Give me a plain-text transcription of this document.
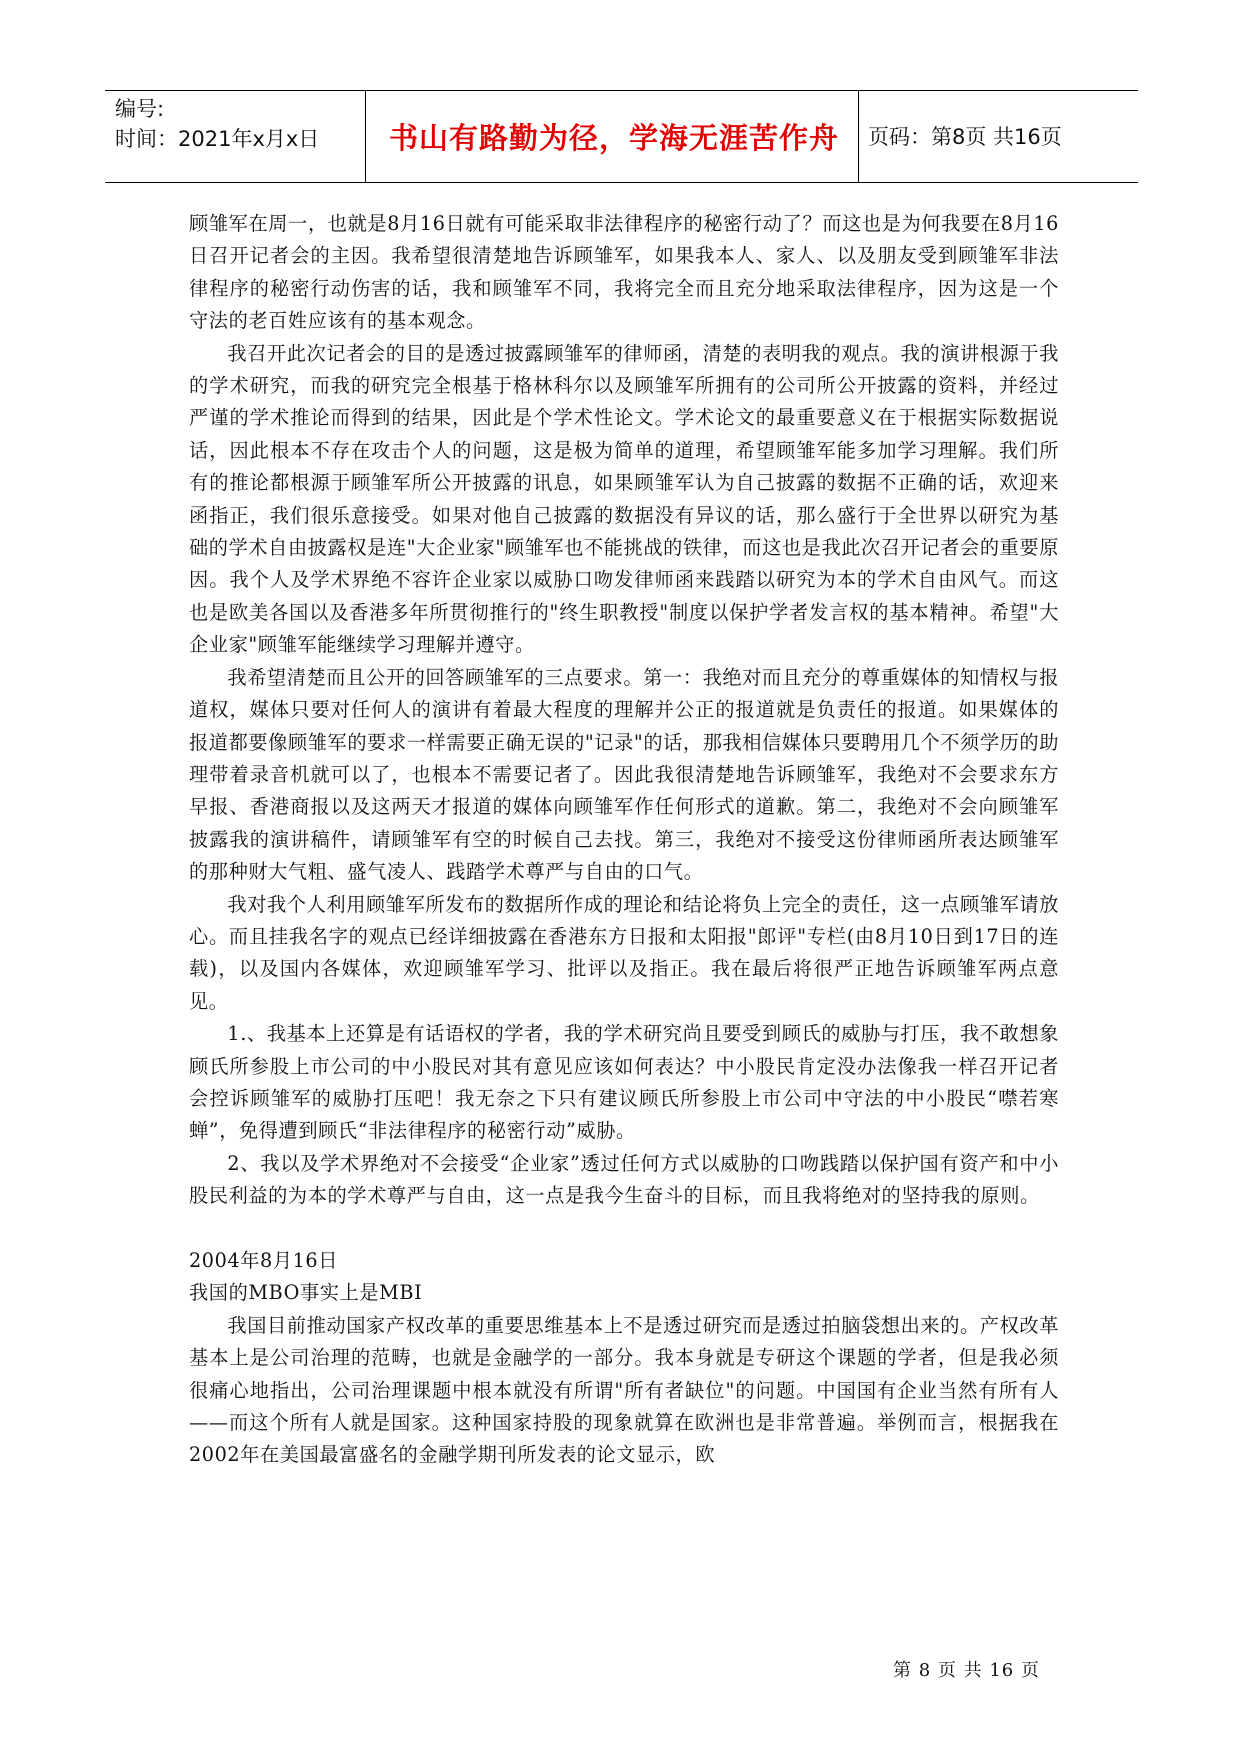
编号:
时间：2021年x月x日	书山有路勤为径，学海无涯苦作舟	页码：第8页 共16页

顾雏军在周一，也就是8月16日就有可能采取非法律程序的秘密行动了？而这也是为何我要在8月16日召开记者会的主因。我希望很清楚地告诉顾雏军，如果我本人、家人、以及朋友受到顾雏军非法律程序的秘密行动伤害的话，我和顾雏军不同，我将完全而且充分地采取法律程序，因为这是一个守法的老百姓应该有的基本观念。

我召开此次记者会的目的是透过披露顾雏军的律师函，清楚的表明我的观点。我的演讲根源于我的学术研究，而我的研究完全根基于格林科尔以及顾雏军所拥有的公司所公开披露的资料，并经过严谨的学术推论而得到的结果，因此是个学术性论文。学术论文的最重要意义在于根据实际数据说话，因此根本不存在攻击个人的问题，这是极为简单的道理，希望顾雏军能多加学习理解。我们所有的推论都根源于顾雏军所公开披露的讯息，如果顾雏军认为自己披露的数据不正确的话，欢迎来函指正，我们很乐意接受。如果对他自己披露的数据没有异议的话，那么盛行于全世界以研究为基础的学术自由披露权是连"大企业家"顾雏军也不能挑战的铁律，而这也是我此次召开记者会的重要原因。我个人及学术界绝不容许企业家以威胁口吻发律师函来践踏以研究为本的学术自由风气。而这也是欧美各国以及香港多年所贯彻推行的"终生职教授"制度以保护学者发言权的基本精神。希望"大企业家"顾雏军能继续学习理解并遵守。

我希望清楚而且公开的回答顾雏军的三点要求。第一：我绝对而且充分的尊重媒体的知情权与报道权，媒体只要对任何人的演讲有着最大程度的理解并公正的报道就是负责任的报道。如果媒体的报道都要像顾雏军的要求一样需要正确无误的"记录"的话，那我相信媒体只要聘用几个不须学历的助理带着录音机就可以了，也根本不需要记者了。因此我很清楚地告诉顾雏军，我绝对不会要求东方早报、香港商报以及这两天才报道的媒体向顾雏军作任何形式的道歉。第二，我绝对不会向顾雏军披露我的演讲稿件，请顾雏军有空的时候自己去找。第三，我绝对不接受这份律师函所表达顾雏军的那种财大气粗、盛气凌人、践踏学术尊严与自由的口气。

我对我个人利用顾雏军所发布的数据所作成的理论和结论将负上完全的责任，这一点顾雏军请放心。而且挂我名字的观点已经详细披露在香港东方日报和太阳报"郎评"专栏(由8月10日到17日的连载)，以及国内各媒体，欢迎顾雏军学习、批评以及指正。我在最后将很严正地告诉顾雏军两点意见。

1.、我基本上还算是有话语权的学者，我的学术研究尚且要受到顾氏的威胁与打压，我不敢想象顾氏所参股上市公司的中小股民对其有意见应该如何表达？中小股民肯定没办法像我一样召开记者会控诉顾雏军的威胁打压吧！我无奈之下只有建议顾氏所参股上市公司中守法的中小股民“噤若寒蝉”，免得遭到顾氏“非法律程序的秘密行动”威胁。

2、我以及学术界绝对不会接受“企业家”透过任何方式以威胁的口吻践踏以保护国有资产和中小股民利益的为本的学术尊严与自由，这一点是我今生奋斗的目标，而且我将绝对的坚持我的原则。

2004年8月16日

我国的MBO事实上是MBI

我国目前推动国家产权改革的重要思维基本上不是透过研究而是透过拍脑袋想出来的。产权改革基本上是公司治理的范畴，也就是金融学的一部分。我本身就是专研这个课题的学者，但是我必须很痛心地指出，公司治理课题中根本就没有所谓"所有者缺位"的问题。中国国有企业当然有所有人——而这个所有人就是国家。这种国家持股的现象就算在欧洲也是非常普遍。举例而言，根据我在2002年在美国最富盛名的金融学期刊所发表的论文显示，欧

第 8 页 共 16 页
